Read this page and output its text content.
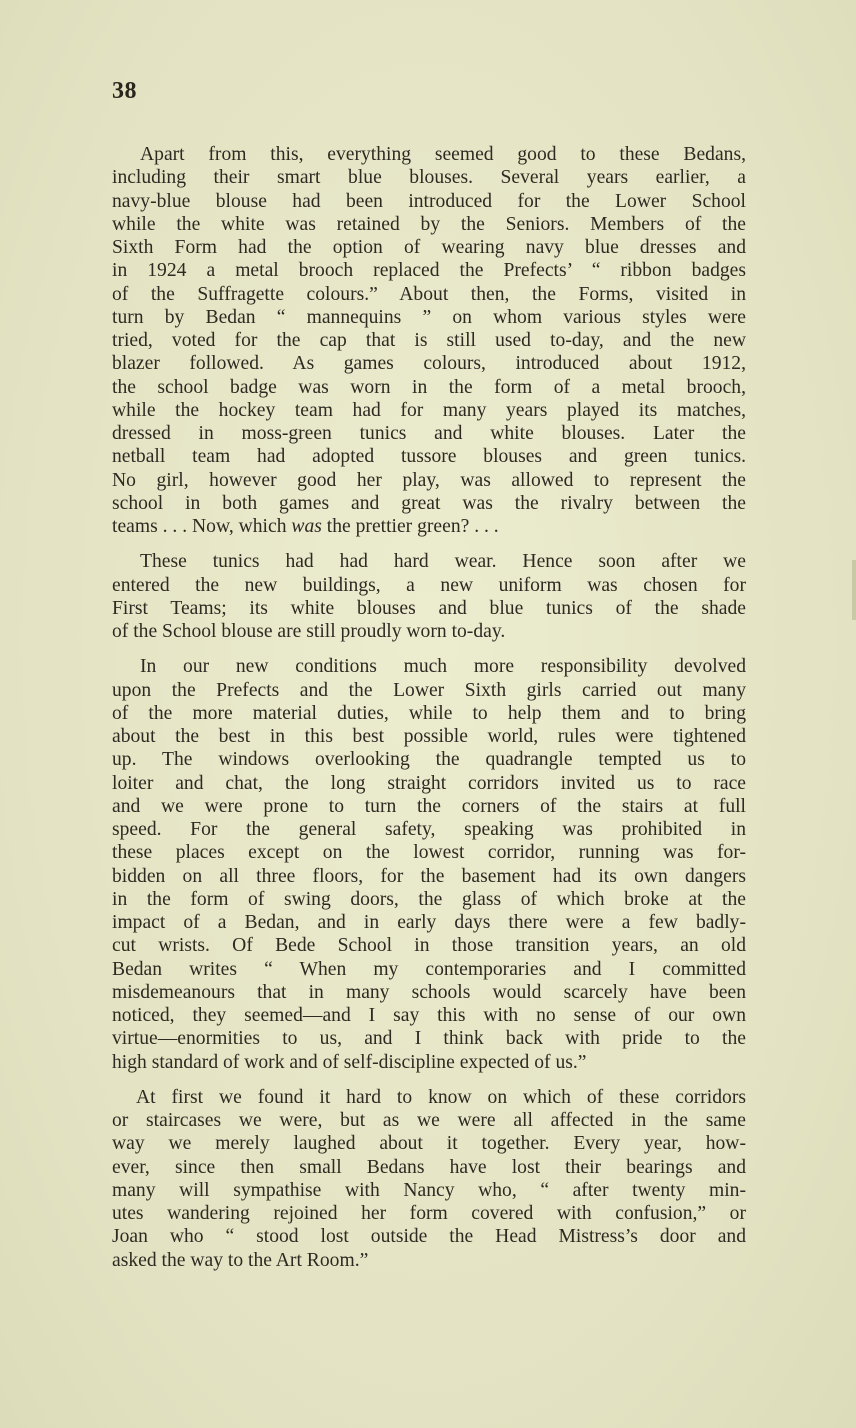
38
Apart from this, everything seemed good to these Bedans,
including their smart blue blouses. Several years earlier, a
navy-blue blouse had been introduced for the Lower School
while the white was retained by the Seniors. Members of the
Sixth Form had the option of wearing navy blue dresses and
in 1924 a metal brooch replaced the Prefects’ “ ribbon badges
of the Suffragette colours.” About then, the Forms, visited in
turn by Bedan “ mannequins ” on whom various styles were
tried, voted for the cap that is still used to-day, and the new
blazer followed. As games colours, introduced about 1912,
the school badge was worn in the form of a metal brooch,
while the hockey team had for many years played its matches,
dressed in moss-green tunics and white blouses. Later the
netball team had adopted tussore blouses and green tunics.
No girl, however good her play, was allowed to represent the
school in both games and great was the rivalry between the
teams . . . Now, which was the prettier green? . . .
These tunics had had hard wear. Hence soon after we
entered the new buildings, a new uniform was chosen for
First Teams; its white blouses and blue tunics of the shade
of the School blouse are still proudly worn to-day.
In our new conditions much more responsibility devolved
upon the Prefects and the Lower Sixth girls carried out many
of the more material duties, while to help them and to bring
about the best in this best possible world, rules were tightened
up. The windows overlooking the quadrangle tempted us to
loiter and chat, the long straight corridors invited us to race
and we were prone to turn the corners of the stairs at full
speed. For the general safety, speaking was prohibited in
these places except on the lowest corridor, running was for-
bidden on all three floors, for the basement had its own dangers
in the form of swing doors, the glass of which broke at the
impact of a Bedan, and in early days there were a few badly-
cut wrists. Of Bede School in those transition years, an old
Bedan writes “ When my contemporaries and I committed
misdemeanours that in many schools would scarcely have been
noticed, they seemed—and I say this with no sense of our own
virtue—enormities to us, and I think back with pride to the
high standard of work and of self-discipline expected of us.”
At first we found it hard to know on which of these corridors
or staircases we were, but as we were all affected in the same
way we merely laughed about it together. Every year, how-
ever, since then small Bedans have lost their bearings and
many will sympathise with Nancy who, “ after twenty min-
utes wandering rejoined her form covered with confusion,” or
Joan who “ stood lost outside the Head Mistress’s door and
asked the way to the Art Room.”
